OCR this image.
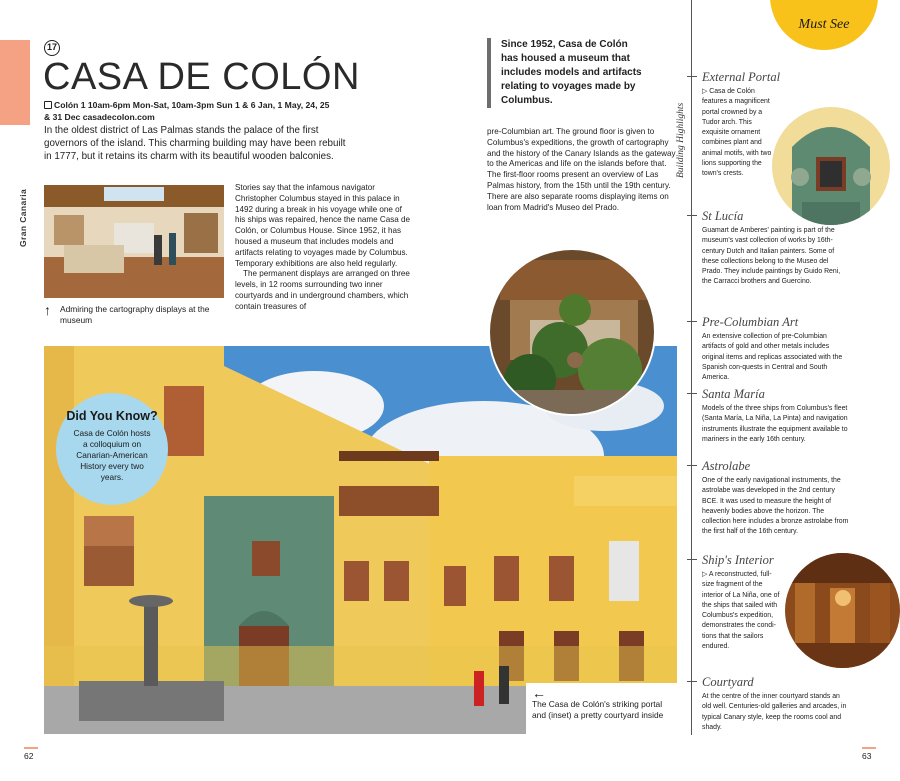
Gran Canaria
17
CASA DE COLÓN
Colón 1 10am-6pm Mon-Sat, 10am-3pm Sun 1 & 6 Jan, 1 May, 24, 25
& 31 Dec casadecolon.com

In the oldest district of Las Palmas stands the palace of the first governors of the island. This charming building may have been rebuilt in 1777, but it retains its charm with its beautiful wooden balconies.

↑ Admiring the cartography displays at the museum

Stories say that the infamous navigator Christopher Columbus stayed in this palace in 1492 during a break in his voyage while one of his ships was repaired, hence the name Casa de Colón, or Columbus House. Since 1952, it has housed a museum that includes models and artifacts relating to voyages made by Columbus. Temporary exhibitions are also held regularly.

The permanent displays are arranged on three levels, in 12 rooms surrounding two inner courtyards and in underground chambers, which contain treasures of

Since 1952, Casa de Colón has housed a museum that includes models and artifacts relating to voyages made by Columbus.

pre-Columbian art. The ground floor is given to Columbus's expeditions, the growth of cartography and the history of the Canary Islands as the gateway to the Americas and life on the islands before that. The first-floor rooms present an overview of Las Palmas history, from the 15th until the 19th century. There are also separate rooms displaying items on loan from Madrid's Museo del Prado.

Did You Know?

Casa de Colón hosts a colloquium on Canarian-American History every two years.

←

The Casa de Colón's striking portal and (inset) a pretty courtyard inside

62
Building Highlights
Must See
External Portal

▷ Casa de Colón features a magnificent portal crowned by a Tudor arch. This exquisite ornament combines plant and animal motifs, with two lions supporting the town's crests.

St Lucía

Guamart de Amberes' painting is part of the museum's vast collection of works by 16th-century Dutch and Italian painters. Some of these collections belong to the Museo del Prado. They include paintings by Guido Reni, the Carracci brothers and Guercino.

Pre-Columbian Art

An extensive collection of pre-Columbian artifacts of gold and other metals includes original items and replicas associated with the Spanish con-quests in Central and South America.

Santa María

Models of the three ships from Columbus's fleet (Santa María, La Niña, La Pinta) and navigation instruments illustrate the equipment available to mariners in the early 16th century.

Astrolabe

One of the early navigational instruments, the astrolabe was developed in the 2nd century BCE. It was used to measure the height of heavenly bodies above the horizon. The collection here includes a bronze astrolabe from the first half of the 16th century.

Ship's Interior

▷ A reconstructed, full-size fragment of the interior of La Niña, one of the ships that sailed with Columbus's expedition, demonstrates the condi-tions that the sailors endured.

Courtyard

At the centre of the inner courtyard stands an old well. Centuries-old galleries and arcades, in typical Canary style, keep the rooms cool and shady.

63
